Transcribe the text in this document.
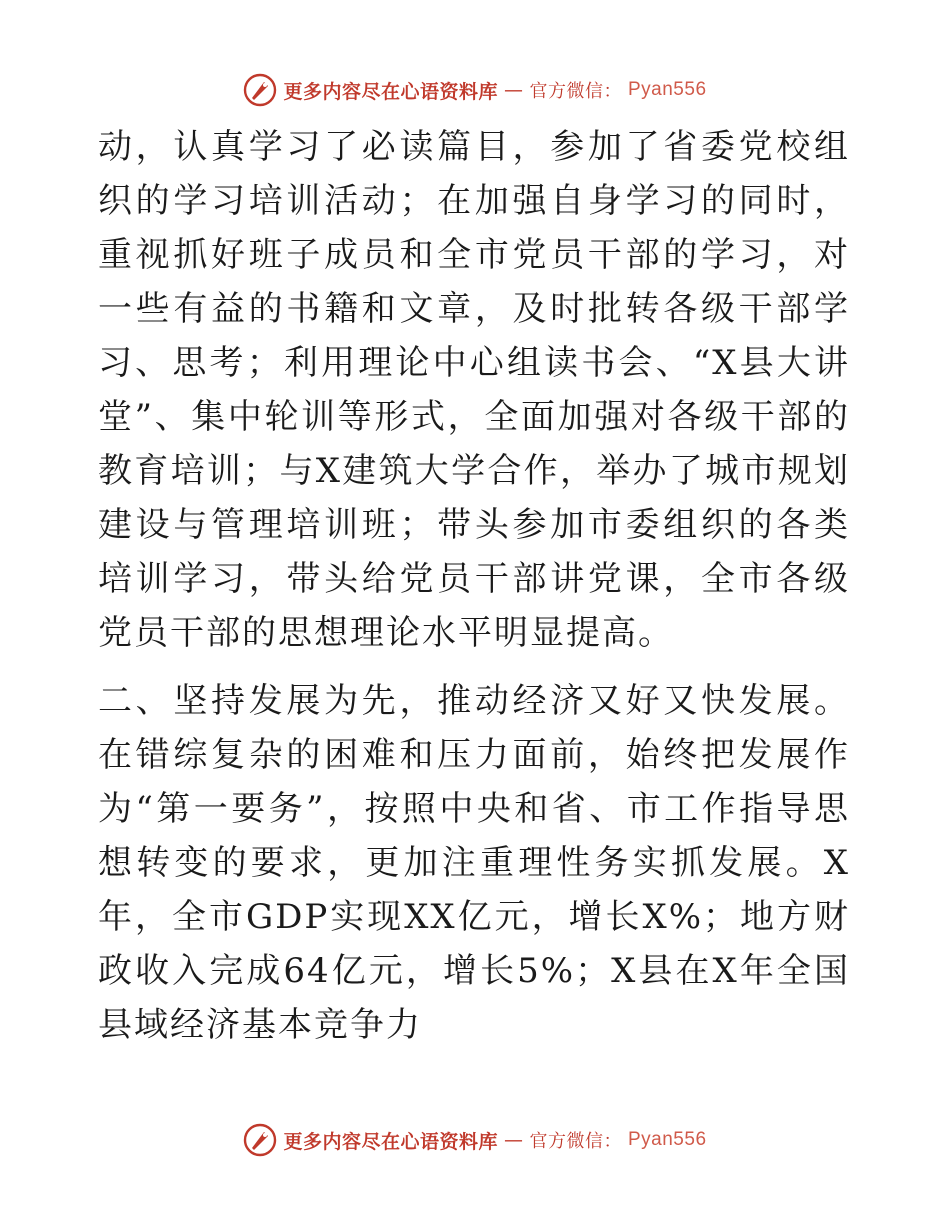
更多内容尽在心语资料库 — 官方微信： Pyan556

动，认真学习了必读篇目，参加了省委党校组织的学习培训活动；在加强自身学习的同时，重视抓好班子成员和全市党员干部的学习，对一些有益的书籍和文章，及时批转各级干部学习、思考；利用理论中心组读书会、“X县大讲堂”、集中轮训等形式，全面加强对各级干部的教育培训；与X建筑大学合作，举办了城市规划建设与管理培训班；带头参加市委组织的各类培训学习，带头给党员干部讲党课，全市各级党员干部的思想理论水平明显提高。

二、坚持发展为先，推动经济又好又快发展。在错综复杂的困难和压力面前，始终把发展作为“第一要务”，按照中央和省、市工作指导思想转变的要求，更加注重理性务实抓发展。X年，全市GDP实现XX亿元，增长X%；地方财政收入完成64亿元，增长5%；X县在X年全国县域经济基本竞争力

更多内容尽在心语资料库 — 官方微信： Pyan556
